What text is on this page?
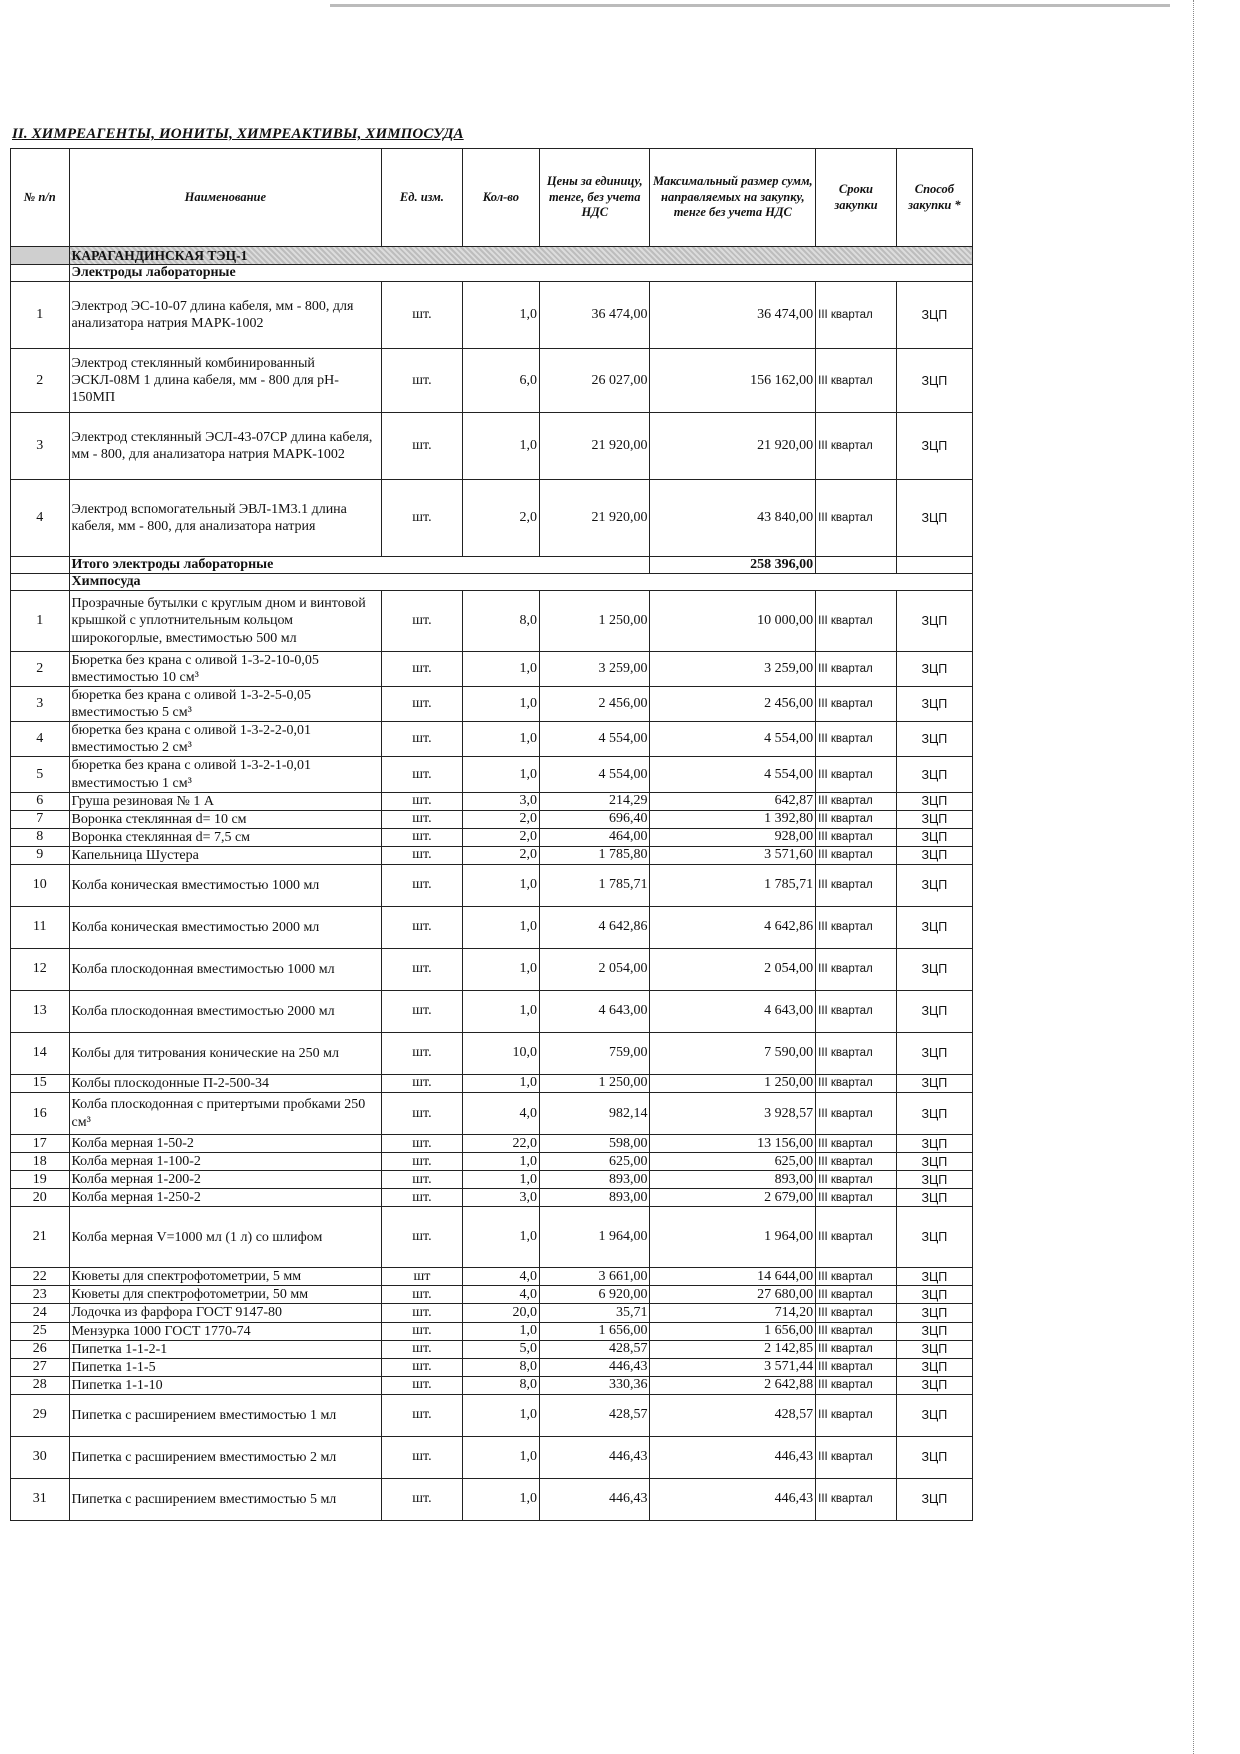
II. ХИМРЕАГЕНТЫ, ИОНИТЫ, ХИМРЕАКТИВЫ, ХИМПОСУДА
№ п/п	Наименование	Ед. изм.	Кол-во	Цены за единицу, тенге, без учета НДС	Максимальный размер сумм, направляемых на закупку, тенге без учета НДС	Сроки закупки	Способ закупки *
	КАРАГАНДИНСКАЯ ТЭЦ-1						
	Электроды лабораторные						
1	Электрод ЭС-10-07 длина кабеля, мм - 800, для анализатора натрия МАРК-1002	шт.	1,0	36 474,00	36 474,00	III квартал	ЗЦП
2	Электрод стеклянный комбинированный ЭСКЛ-08М 1 длина кабеля, мм - 800 для pH-150МП	шт.	6,0	26 027,00	156 162,00	III квартал	ЗЦП
3	Электрод стеклянный ЭСЛ-43-07СР длина кабеля, мм - 800, для анализатора натрия МАРК-1002	шт.	1,0	21 920,00	21 920,00	III квартал	ЗЦП
4	Электрод вспомогательный ЭВЛ-1М3.1 длина кабеля, мм - 800, для анализатора натрия	шт.	2,0	21 920,00	43 840,00	III квартал	ЗЦП
	Итого электроды лабораторные				258 396,00		
	Химпосуда						
1	Прозрачные бутылки с круглым дном и винтовой крышкой с уплотнительным кольцом широкогорлые, вместимостью 500 мл	шт.	8,0	1 250,00	10 000,00	III квартал	ЗЦП
2	Бюретка без крана с оливой 1-3-2-10-0,05 вместимостью 10 см³	шт.	1,0	3 259,00	3 259,00	III квартал	ЗЦП
3	бюретка без крана с оливой 1-3-2-5-0,05 вместимостью 5 см³	шт.	1,0	2 456,00	2 456,00	III квартал	ЗЦП
4	бюретка без крана с оливой 1-3-2-2-0,01 вместимостью 2 см³	шт.	1,0	4 554,00	4 554,00	III квартал	ЗЦП
5	бюретка без крана с оливой 1-3-2-1-0,01 вместимостью 1 см³	шт.	1,0	4 554,00	4 554,00	III квартал	ЗЦП
6	Груша резиновая № 1 А	шт.	3,0	214,29	642,87	III квартал	ЗЦП
7	Воронка стеклянная d= 10 см	шт.	2,0	696,40	1 392,80	III квартал	ЗЦП
8	Воронка стеклянная d= 7,5 см	шт.	2,0	464,00	928,00	III квартал	ЗЦП
9	Капельница Шустера	шт.	2,0	1 785,80	3 571,60	III квартал	ЗЦП
10	Колба коническая вместимостью 1000 мл	шт.	1,0	1 785,71	1 785,71	III квартал	ЗЦП
11	Колба коническая вместимостью 2000 мл	шт.	1,0	4 642,86	4 642,86	III квартал	ЗЦП
12	Колба плоскодонная вместимостью 1000 мл	шт.	1,0	2 054,00	2 054,00	III квартал	ЗЦП
13	Колба плоскодонная вместимостью 2000 мл	шт.	1,0	4 643,00	4 643,00	III квартал	ЗЦП
14	Колбы для титрования конические на 250 мл	шт.	10,0	759,00	7 590,00	III квартал	ЗЦП
15	Колбы плоскодонные П-2-500-34	шт.	1,0	1 250,00	1 250,00	III квартал	ЗЦП
16	Колба плоскодонная с притертыми пробками 250 см³	шт.	4,0	982,14	3 928,57	III квартал	ЗЦП
17	Колба мерная 1-50-2	шт.	22,0	598,00	13 156,00	III квартал	ЗЦП
18	Колба мерная 1-100-2	шт.	1,0	625,00	625,00	III квартал	ЗЦП
19	Колба мерная 1-200-2	шт.	1,0	893,00	893,00	III квартал	ЗЦП
20	Колба мерная 1-250-2	шт.	3,0	893,00	2 679,00	III квартал	ЗЦП
21	Колба мерная V=1000 мл (1 л) со шлифом	шт.	1,0	1 964,00	1 964,00	III квартал	ЗЦП
22	Кюветы для спектрофотометрии, 5 мм	шт	4,0	3 661,00	14 644,00	III квартал	ЗЦП
23	Кюветы для спектрофотометрии, 50 мм	шт.	4,0	6 920,00	27 680,00	III квартал	ЗЦП
24	Лодочка из фарфора ГОСТ 9147-80	шт.	20,0	35,71	714,20	III квартал	ЗЦП
25	Мензурка 1000 ГОСТ 1770-74	шт.	1,0	1 656,00	1 656,00	III квартал	ЗЦП
26	Пипетка 1-1-2-1	шт.	5,0	428,57	2 142,85	III квартал	ЗЦП
27	Пипетка 1-1-5	шт.	8,0	446,43	3 571,44	III квартал	ЗЦП
28	Пипетка 1-1-10	шт.	8,0	330,36	2 642,88	III квартал	ЗЦП
29	Пипетка с расширением вместимостью 1 мл	шт.	1,0	428,57	428,57	III квартал	ЗЦП
30	Пипетка с расширением вместимостью 2 мл	шт.	1,0	446,43	446,43	III квартал	ЗЦП
31	Пипетка с расширением вместимостью 5 мл	шт.	1,0	446,43	446,43	III квартал	ЗЦП
